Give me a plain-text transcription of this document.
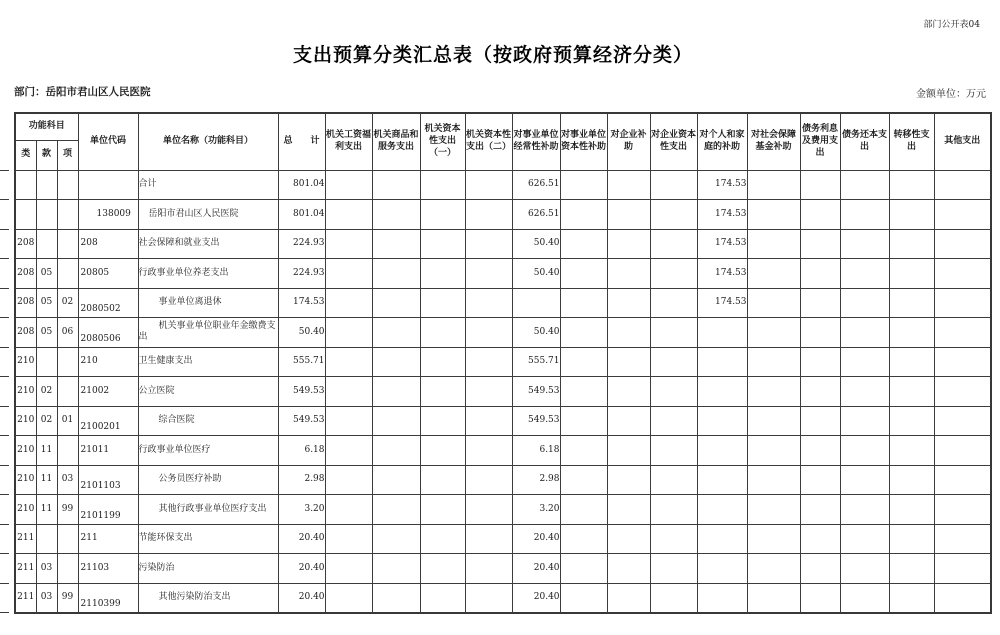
部门公开表04
支出预算分类汇总表（按政府预算经济分类）
部门：岳阳市君山区人民医院	金额单位：万元
功能科目			单位代码	单位名称（功能科目）	总　　计	机关工资福利支出	机关商品和服务支出	机关资本性支出（一）	机关资本性支出（二）	对事业单位经常性补助	对事业单位资本性补助	对企业补助	对企业资本性支出	对个人和家庭的补助	对社会保障基金补助	债务利息及费用支出	债务还本支出	转移性支出	其他支出
类	款	项																	
				合计	801.04					626.51				174.53					
			138009	岳阳市君山区人民医院	801.04					626.51				174.53					
208			208	社会保障和就业支出	224.93					50.40				174.53					
208	05		20805	行政事业单位养老支出	224.93					50.40				174.53					
208	05	02	2080502	事业单位离退休	174.53									174.53					
208	05	06	2080506	机关事业单位职业年金缴费支出	50.40					50.40									
210			210	卫生健康支出	555.71					555.71									
210	02		21002	公立医院	549.53					549.53									
210	02	01	2100201	综合医院	549.53					549.53									
210	11		21011	行政事业单位医疗	6.18					6.18									
210	11	03	2101103	公务员医疗补助	2.98					2.98									
210	11	99	2101199	其他行政事业单位医疗支出	3.20					3.20									
211			211	节能环保支出	20.40					20.40									
211	03		21103	污染防治	20.40					20.40									
211	03	99	2110399	其他污染防治支出	20.40					20.40									
